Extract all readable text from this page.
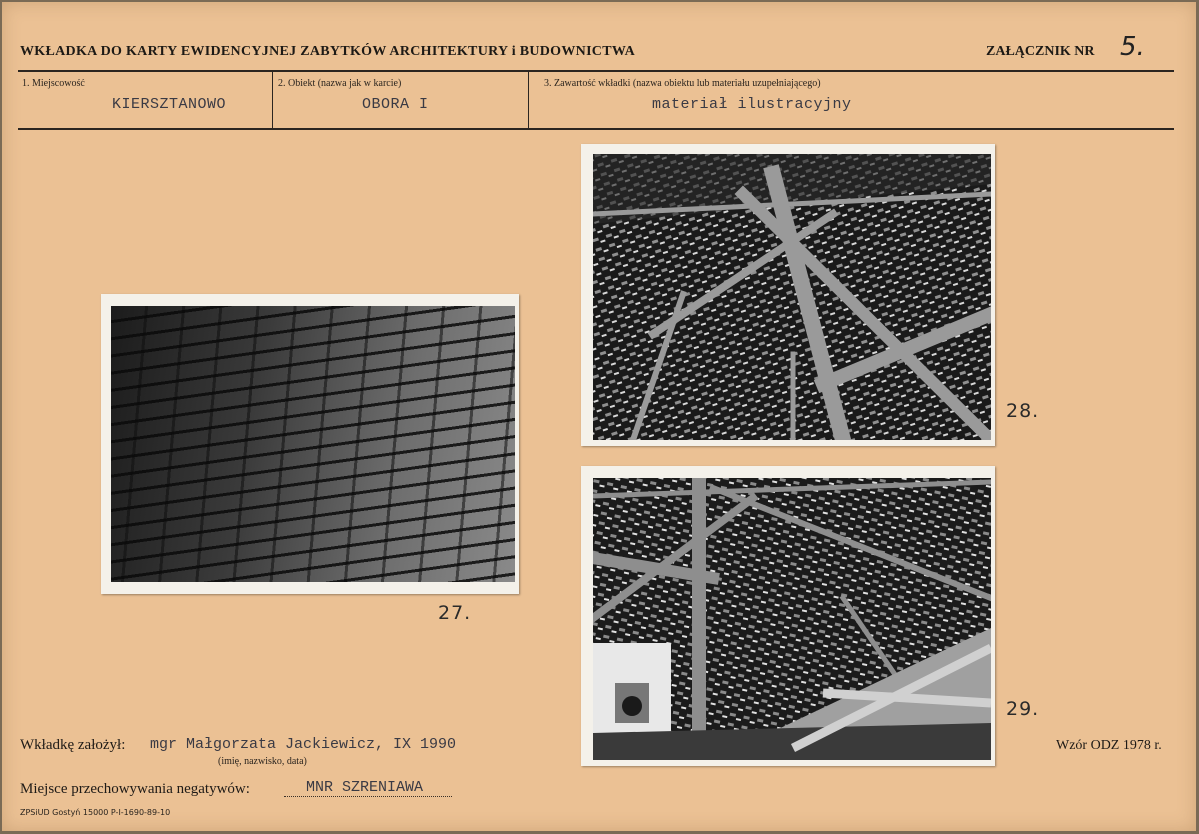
WKŁADKA DO KARTY EWIDENCYJNEJ ZABYTKÓW ARCHITEKTURY i BUDOWNICTWA	ZAŁĄCZNIK NR 5.
1. Miejscowość
KIERSZTANOWO
2. Obiekt (nazwa jak w karcie)
OBORA I
3. Zawartość wkładki (nazwa obiektu lub materiału uzupełniającego)
materiał ilustracyjny
27.
28.
29.
Wkładkę założył: mgr Małgorzata Jackiewicz, IX 1990
(imię, nazwisko, data)
Miejsce przechowywania negatywów:	MNR SZRENIAWA
Wzór ODZ 1978 r.
ZPSiUD Gostyń 15000 P-I-1690-89-10
